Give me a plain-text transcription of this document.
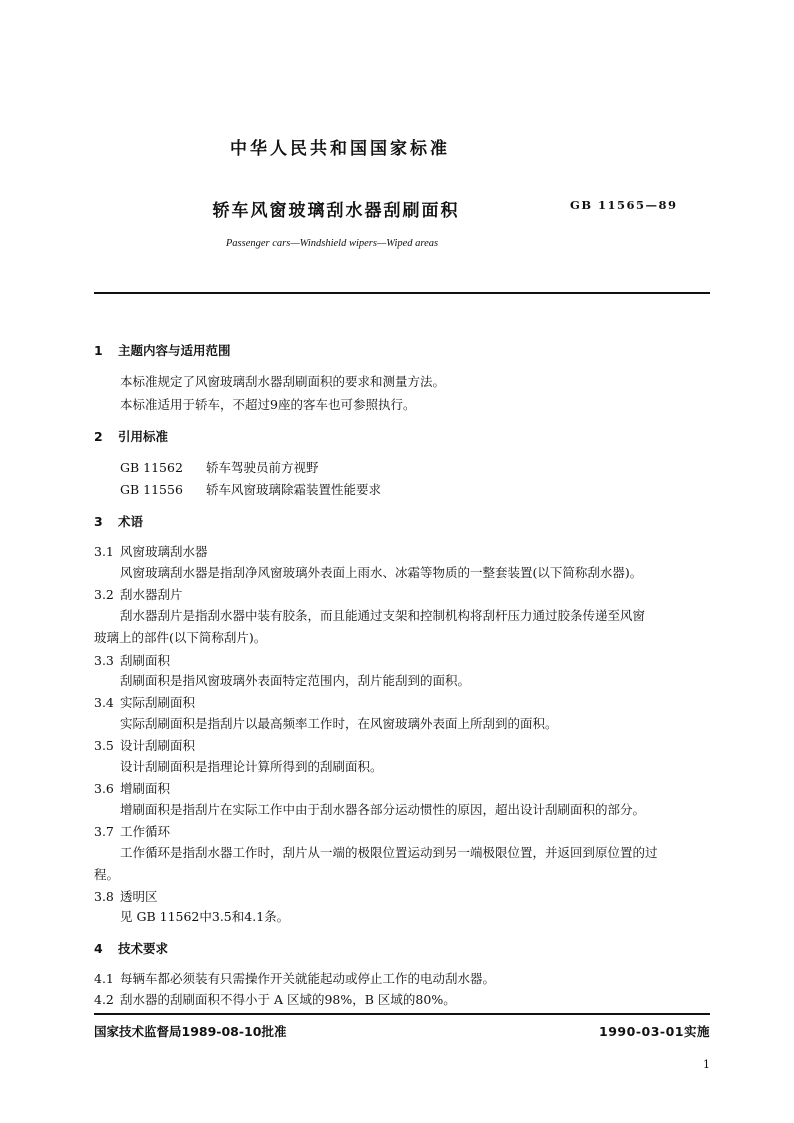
中华人民共和国国家标准
轿车风窗玻璃刮水器刮刷面积	GB 11565—89
Passenger cars—Windshield wipers—Wiped areas
1 主题内容与适用范围
本标准规定了风窗玻璃刮水器刮刷面积的要求和测量方法。
本标准适用于轿车，不超过9座的客车也可参照执行。
2 引用标准
GB 11562 轿车驾驶员前方视野
GB 11556 轿车风窗玻璃除霜装置性能要求
3 术语
3.1 风窗玻璃刮水器
风窗玻璃刮水器是指刮净风窗玻璃外表面上雨水、冰霜等物质的一整套装置(以下简称刮水器)。
3.2 刮水器刮片
刮水器刮片是指刮水器中装有胶条，而且能通过支架和控制机构将刮杆压力通过胶条传递至风窗
玻璃上的部件(以下简称刮片)。
3.3 刮刷面积
刮刷面积是指风窗玻璃外表面特定范围内，刮片能刮到的面积。
3.4 实际刮刷面积
实际刮刷面积是指刮片以最高频率工作时，在风窗玻璃外表面上所刮到的面积。
3.5 设计刮刷面积
设计刮刷面积是指理论计算所得到的刮刷面积。
3.6 增刷面积
增刷面积是指刮片在实际工作中由于刮水器各部分运动惯性的原因，超出设计刮刷面积的部分。
3.7 工作循环
工作循环是指刮水器工作时，刮片从一端的极限位置运动到另一端极限位置，并返回到原位置的过
程。
3.8 透明区
见 GB 11562中3.5和4.1条。
4 技术要求
4.1 每辆车都必须装有只需操作开关就能起动或停止工作的电动刮水器。
4.2 刮水器的刮刷面积不得小于 A 区域的98%，B 区域的80%。
国家技术监督局1989-08-10批准	1990-03-01实施
1
